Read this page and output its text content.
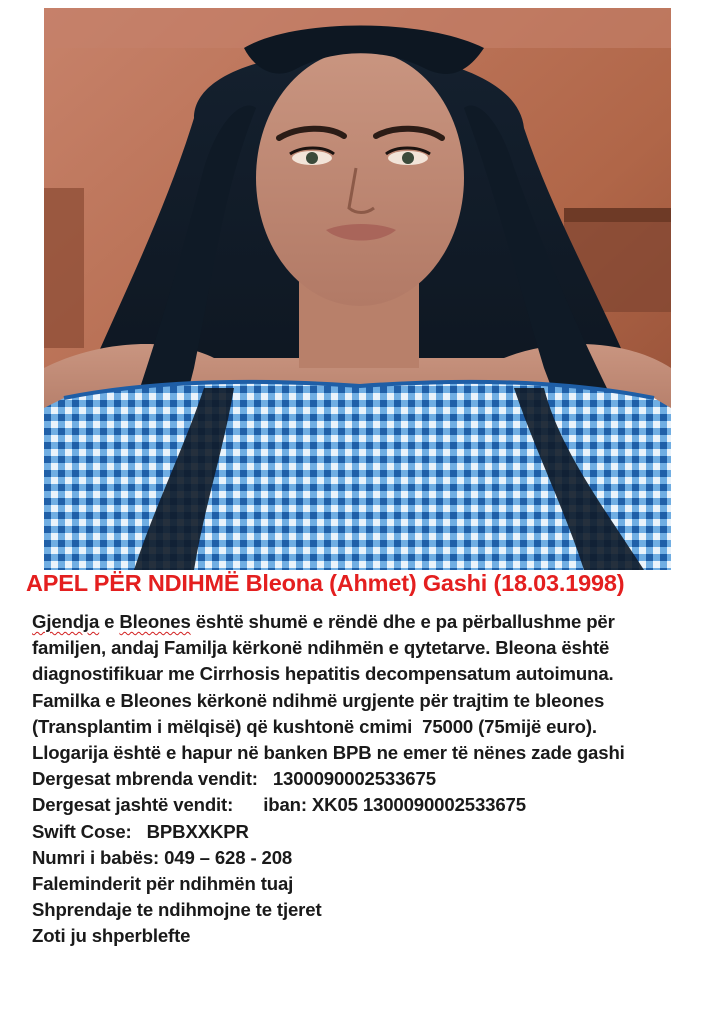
APEL PËR NDIHMË Bleona (Ahmet) Gashi (18.03.1998)
Gjendja e Bleones është shumë e rëndë dhe e pa përballushme për
familjen, andaj Familja kërkonë ndihmën e qytetarve. Bleona është
diagnostifikuar me Cirrhosis hepatitis decompensatum autoimuna.
Familka e Bleones kërkonë ndihmë urgjente për trajtim te bleones
(Transplantim i mëlqisë) që kushtonë cmimi  75000 (75mijë euro).
Llogarija është e hapur në banken BPB ne emer të nënes zade gashi
Dergesat mbrenda vendit:   1300090002533675
Dergesat jashtë vendit:      iban: XK05 1300090002533675
Swift Cose:   BPBXXKPR
Numri i babës: 049 – 628 - 208
Faleminderit për ndihmën tuaj
Shprendaje te ndihmojne te tjeret
Zoti ju shperblefte
